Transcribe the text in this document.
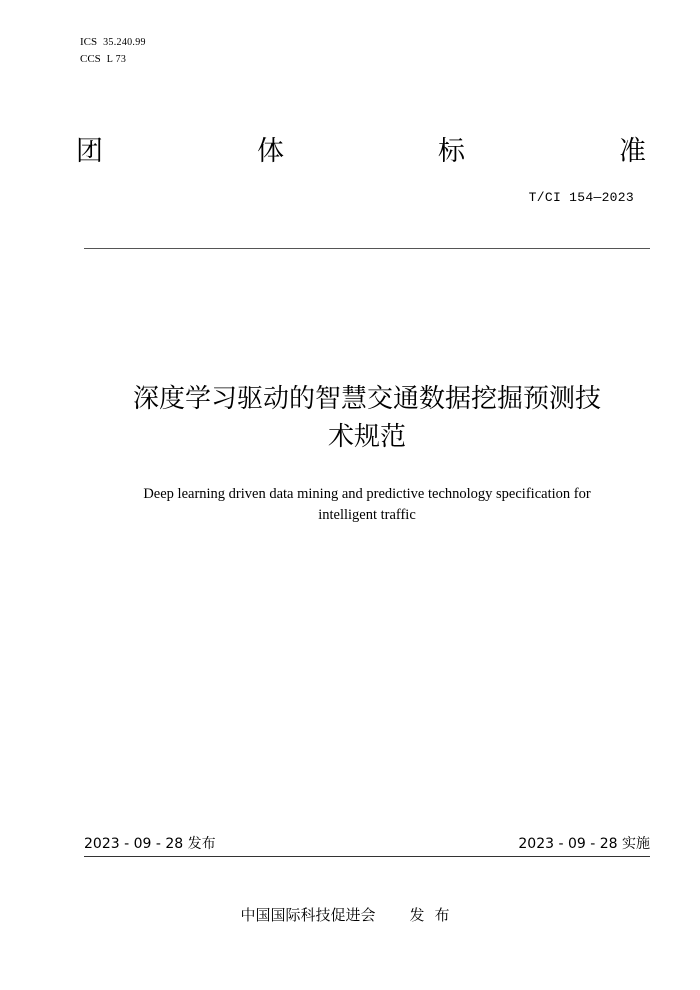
ICS 35.240.99
CCS L 73
团	体	标	准
T/CI 154—2023
深度学习驱动的智慧交通数据挖掘预测技
术规范
Deep learning driven data mining and predictive technology specification for
intelligent traffic
2023 - 09 - 28 发布	2023 - 09 - 28 实施
中国国际科技促进会 发布
